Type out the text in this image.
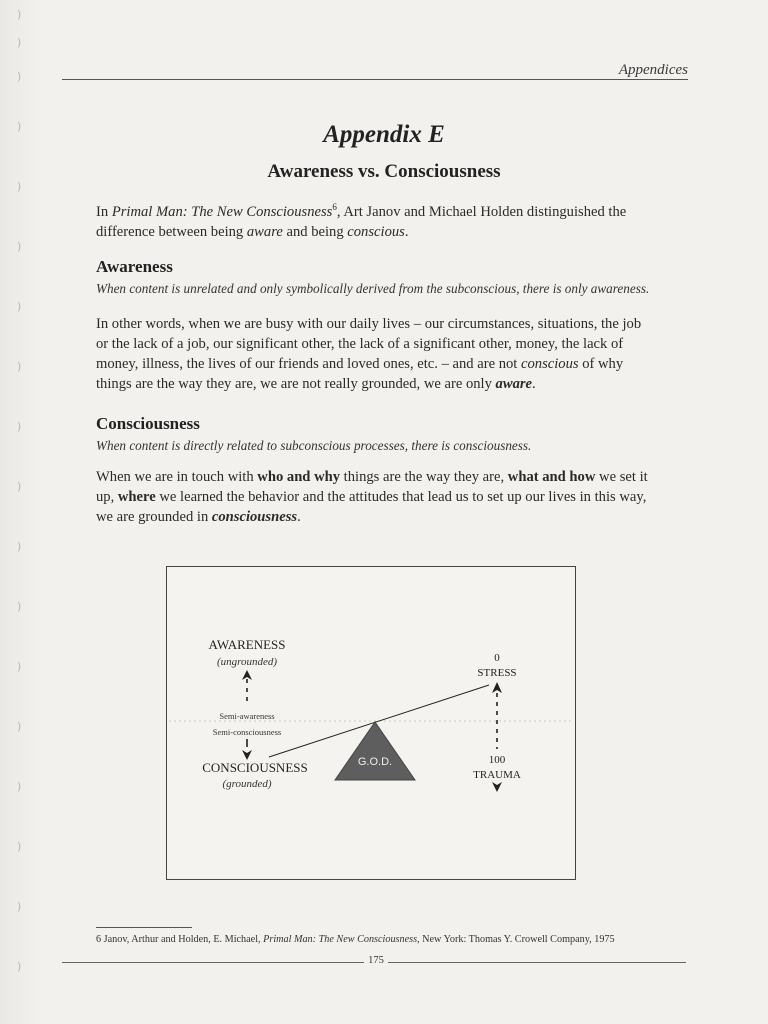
)
)
)
)
)
)
)
)
)
)
)
)
)
)
)
)
)
)
Appendices
Appendix E
Awareness vs. Consciousness
In Primal Man: The New Consciousness$^6$, Art Janov and Michael Holden distinguished the difference between being aware and being conscious.
Awareness
When content is unrelated and only symbolically derived from the subconscious, there is only awareness.
In other words, when we are busy with our daily lives – our circumstances, situations, the job or the lack of a job, our significant other, the lack of a significant other, money, the lack of money, illness, the lives of our friends and loved ones, etc. – and are not conscious of why things are the way they are, we are not really grounded, we are only aware.
Consciousness
When content is directly related to subconscious processes, there is consciousness.
When we are in touch with who and why things are the way they are, what and how we set it up, where we learned the behavior and the attitudes that lead us to set up our lives in this way, we are grounded in consciousness.
AWARENESS
(ungrounded)
Semi-awareness
Semi-consciousness
CONSCIOUSNESS
(grounded)
G.O.D.
0
STRESS
100
TRAUMA
6 Janov, Arthur and Holden, E. Michael, Primal Man: The New Consciousness, New York: Thomas Y. Crowell Company, 1975
175
